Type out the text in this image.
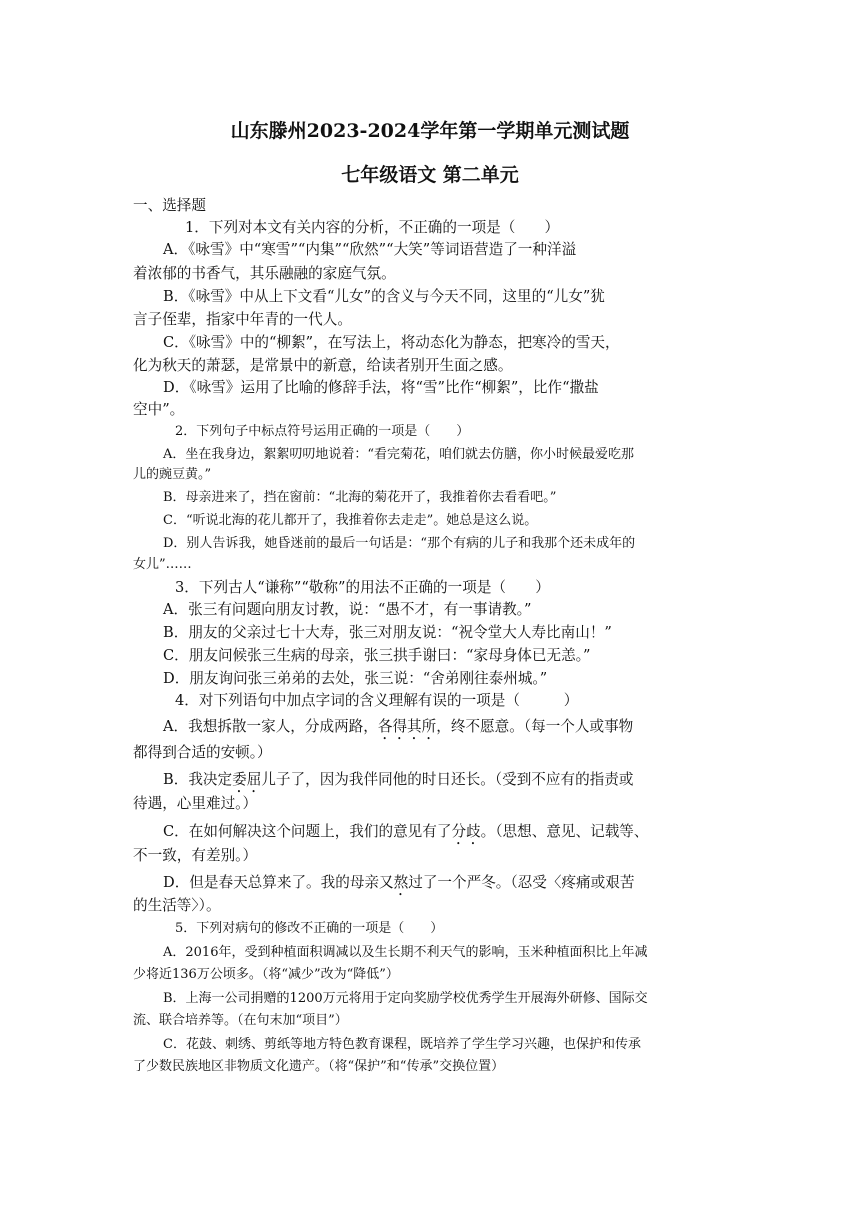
山东滕州2023-2024学年第一学期单元测试题
七年级语文 第二单元
一、选择题
1．下列对本文有关内容的分析，不正确的一项是（　　）
A．《咏雪》中“寒雪”“内集”“欣然”“大笑”等词语营造了一种洋溢
着浓郁的书香气，其乐融融的家庭气氛。
B．《咏雪》中从上下文看“儿女”的含义与今天不同，这里的“儿女”犹
言子侄辈，指家中年青的一代人。
C．《咏雪》中的“柳絮”，在写法上，将动态化为静态，把寒冷的雪天，
化为秋天的萧瑟，是常景中的新意，给读者别开生面之感。
D．《咏雪》运用了比喻的修辞手法，将“雪”比作“柳絮”，比作“撒盐
空中”。
2．下列句子中标点符号运用正确的一项是（　　）
A．坐在我身边，絮絮叨叨地说着：“看完菊花，咱们就去仿膳，你小时候最爱吃那
儿的豌豆黄。”
B．母亲进来了，挡在窗前：“北海的菊花开了，我推着你去看看吧。”
C．“听说北海的花儿都开了，我推着你去走走”。她总是这么说。
D．别人告诉我，她昏迷前的最后一句话是：“那个有病的儿子和我那个还未成年的
女儿”……
3．下列古人“谦称”“敬称”的用法不正确的一项是（　　）
A．张三有问题向朋友讨教，说：“愚不才，有一事请教。”
B．朋友的父亲过七十大寿，张三对朋友说：“祝令堂大人寿比南山！”
C．朋友问候张三生病的母亲，张三拱手谢曰：“家母身体已无恙。”
D．朋友询问张三弟弟的去处，张三说：“舍弟刚往泰州城。”
4．对下列语句中加点字词的含义理解有误的一项是（　　　）
A．我想拆散一家人，分成两路，各得其所，终不愿意。（每一个人或事物
都得到合适的安顿。）
B．我决定委屈儿子了，因为我伴同他的时日还长。（受到不应有的指责或
待遇，心里难过。）
C．在如何解决这个问题上，我们的意见有了分歧。（思想、意见、记载等、
不一致，有差别。）
D．但是春天总算来了。我的母亲又熬过了一个严冬。（忍受〈疼痛或艰苦
的生活等〉）。
5．下列对病句的修改不正确的一项是（　　）
A．2016年，受到种植面积调减以及生长期不利天气的影响，玉米种植面积比上年减
少将近136万公顷多。（将“减少”改为“降低”）
B．上海一公司捐赠的1200万元将用于定向奖励学校优秀学生开展海外研修、国际交
流、联合培养等。（在句末加“项目”）
C．花鼓、刺绣、剪纸等地方特色教育课程，既培养了学生学习兴趣，也保护和传承
了少数民族地区非物质文化遗产。（将“保护”和“传承”交换位置）
